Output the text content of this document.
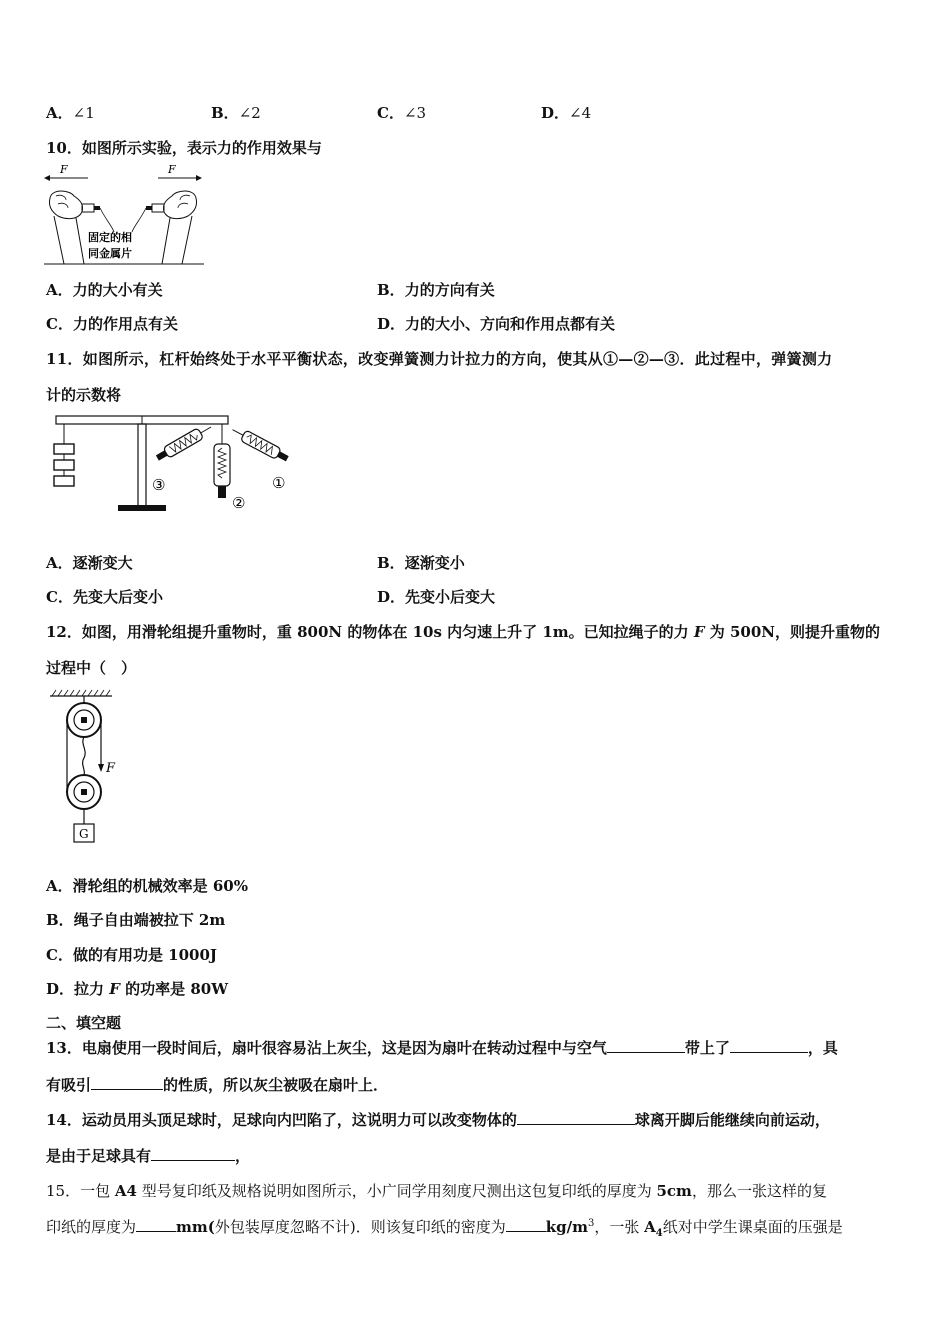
A．∠1	B．∠2	C．∠3	D．∠4
10．如图所示实验，表示力的作用效果与
F	F
固定的相
同金属片
A．力的大小有关	B．力的方向有关
C．力的作用点有关	D．力的大小、方向和作用点都有关
11．如图所示，杠杆始终处于水平平衡状态，改变弹簧测力计拉力的方向，使其从①—②—③．此过程中，弹簧测力
计的示数将
③
②
①
A．逐渐变大	B．逐渐变小
C．先变大后变小	D．先变小后变大
12．如图，用滑轮组提升重物时，重 800N 的物体在 10s 内匀速上升了 1m。已知拉绳子的力 F 为 500N，则提升重物的
过程中（　）
F
G
A．滑轮组的机械效率是 60%
B．绳子自由端被拉下 2m
C．做的有用功是 1000J
D．拉力 F 的功率是 80W
二、填空题
13．电扇使用一段时间后，扇叶很容易沾上灰尘，这是因为扇叶在转动过程中与空气	带上了	，具
有吸引	的性质，所以灰尘被吸在扇叶上．
14．运动员用头顶足球时，足球向内凹陷了，这说明力可以改变物体的	球离开脚后能继续向前运动，
是由于足球具有	，
15．一包 A4 型号复印纸及规格说明如图所示，小广同学用刻度尺测出这包复印纸的厚度为 5cm，那么一张这样的复
印纸的厚度为	mm(外包装厚度忽略不计)．则该复印纸的密度为	$kg/m^3$，一张 $A_4$纸对中学生课桌面的压强是
